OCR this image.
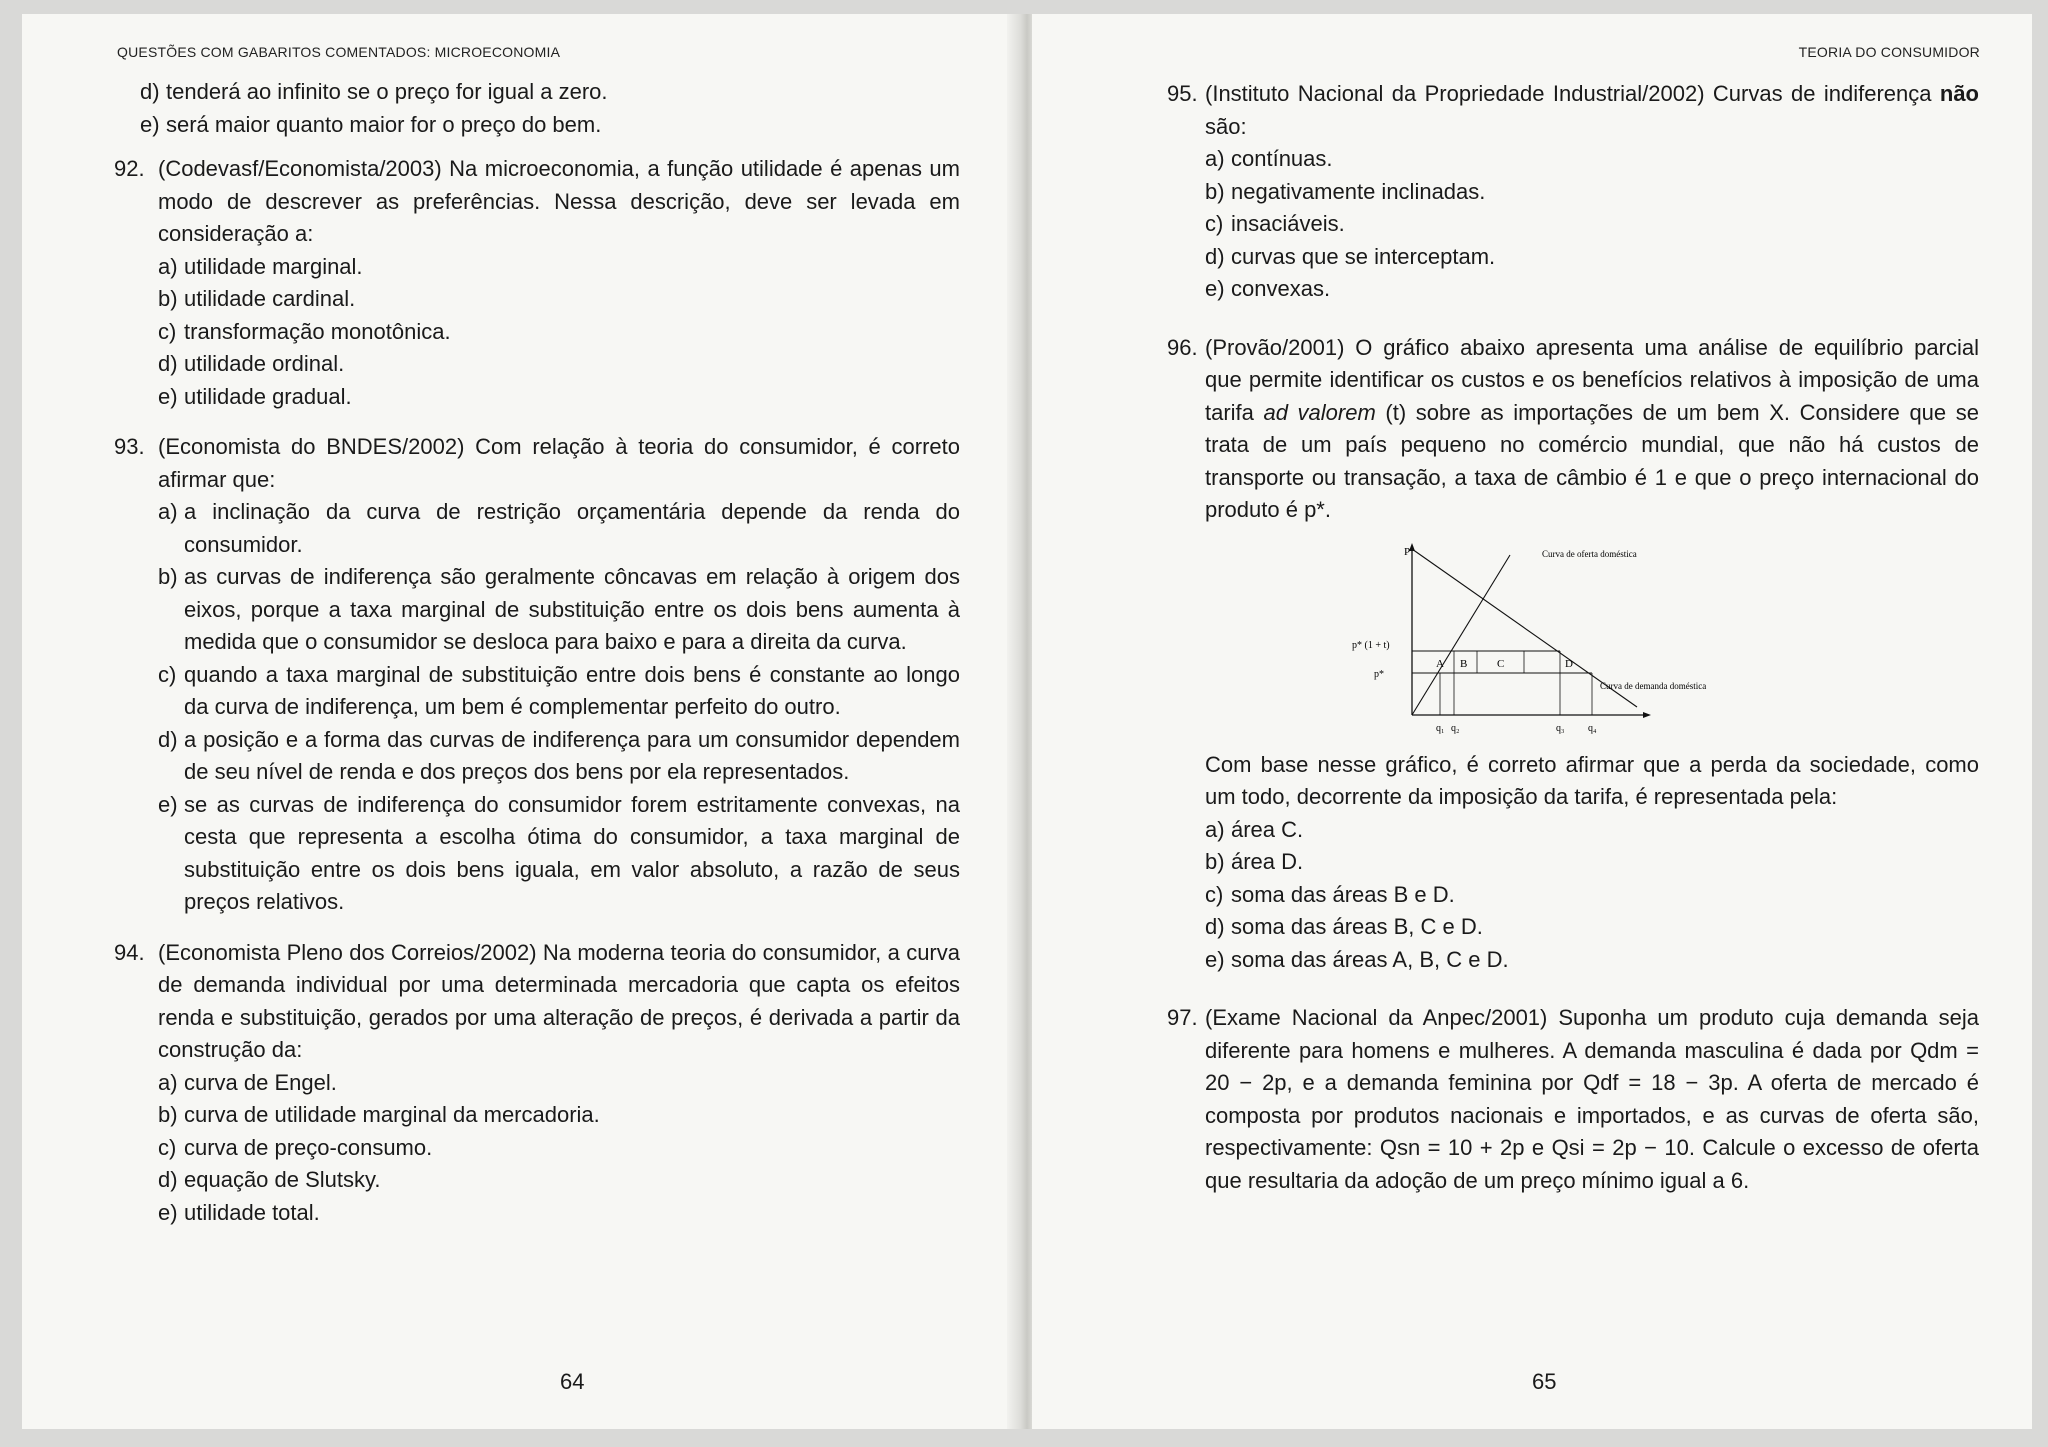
QUESTÕES COM GABARITOS COMENTADOS: MICROECONOMIA
d) tenderá ao infinito se o preço for igual a zero.
e) será maior quanto maior for o preço do bem.
92. (Codevasf/Economista/2003) Na microeconomia, a função utilidade é apenas um modo de descrever as preferências. Nessa descrição, deve ser levada em consideração a:
a) utilidade marginal.
b) utilidade cardinal.
c) transformação monotônica.
d) utilidade ordinal.
e) utilidade gradual.
93. (Economista do BNDES/2002) Com relação à teoria do consumidor, é correto afirmar que:
a) a inclinação da curva de restrição orçamentária depende da renda do consumidor.
b) as curvas de indiferença são geralmente côncavas em relação à origem dos eixos, porque a taxa marginal de substituição entre os dois bens aumenta à medida que o consumidor se desloca para baixo e para a direita da curva.
c) quando a taxa marginal de substituição entre dois bens é constante ao longo da curva de indiferença, um bem é complementar perfeito do outro.
d) a posição e a forma das curvas de indiferença para um consumidor dependem de seu nível de renda e dos preços dos bens por ela representados.
e) se as curvas de indiferença do consumidor forem estritamente convexas, na cesta que representa a escolha ótima do consumidor, a taxa marginal de substituição entre os dois bens iguala, em valor absoluto, a razão de seus preços relativos.
94. (Economista Pleno dos Correios/2002) Na moderna teoria do consumidor, a curva de demanda individual por uma determinada mercadoria que capta os efeitos renda e substituição, gerados por uma alteração de preços, é derivada a partir da construção da:
a) curva de Engel.
b) curva de utilidade marginal da mercadoria.
c) curva de preço-consumo.
d) equação de Slutsky.
e) utilidade total.
64
TEORIA DO CONSUMIDOR
95. (Instituto Nacional da Propriedade Industrial/2002) Curvas de indiferença não são:
a) contínuas.
b) negativamente inclinadas.
c) insaciáveis.
d) curvas que se interceptam.
e) convexas.
96. (Provão/2001) O gráfico abaixo apresenta uma análise de equilíbrio parcial que permite identificar os custos e os benefícios relativos à imposição de uma tarifa ad valorem (t) sobre as importações de um bem X. Considere que se trata de um país pequeno no comércio mundial, que não há custos de transporte ou transação, a taxa de câmbio é 1 e que o preço internacional do produto é p*.
P	Curva de oferta doméstica
Curva de demanda doméstica
p* (1 + t)
p*
A B	C	D
q₁ q₂	q₃ q₄
Com base nesse gráfico, é correto afirmar que a perda da sociedade, como um todo, decorrente da imposição da tarifa, é representada pela:
a) área C.
b) área D.
c) soma das áreas B e D.
d) soma das áreas B, C e D.
e) soma das áreas A, B, C e D.
97. (Exame Nacional da Anpec/2001) Suponha um produto cuja demanda seja diferente para homens e mulheres. A demanda masculina é dada por Qdm = 20 − 2p, e a demanda feminina por Qdf = 18 − 3p. A oferta de mercado é composta por produtos nacionais e importados, e as curvas de oferta são, respectivamente: Qsn = 10 + 2p e Qsi = 2p − 10. Calcule o excesso de oferta que resultaria da adoção de um preço mínimo igual a 6.
65
